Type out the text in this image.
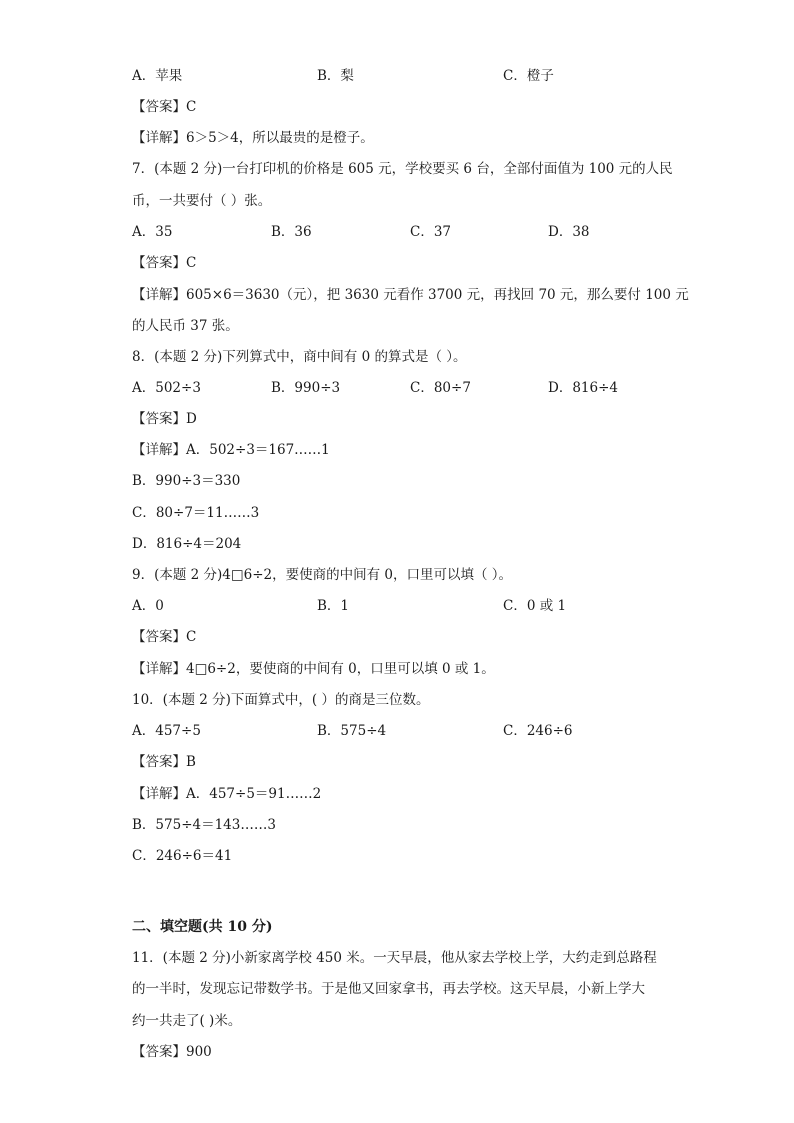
A．苹果	B．梨	C．橙子
【答案】C
【详解】6＞5＞4，所以最贵的是橙子。
7．(本题 2 分)一台打印机的价格是 605 元，学校要买 6 台，全部付面值为 100 元的人民
币，一共要付（ ）张。
A．35	B．36	C．37	D．38
【答案】C
【详解】605×6＝3630（元），把 3630 元看作 3700 元，再找回 70 元，那么要付 100 元
的人民币 37 张。
8．(本题 2 分)下列算式中，商中间有 0 的算式是（ ）。
A．502÷3	B．990÷3	C．80÷7	D．816÷4
【答案】D
【详解】A．502÷3＝167……1
B．990÷3＝330
C．80÷7＝11……3
D．816÷4＝204
9．(本题 2 分)4□6÷2，要使商的中间有 0，口里可以填（ ）。
A．0	B．1	C．0 或 1
【答案】C
【详解】4□6÷2，要使商的中间有 0，口里可以填 0 或 1。
10．(本题 2 分)下面算式中，( ）的商是三位数。
A．457÷5	B．575÷4	C．246÷6
【答案】B
【详解】A．457÷5＝91……2
B．575÷4＝143……3
C．246÷6＝41
二、填空题(共 10 分)
11．(本题 2 分)小新家离学校 450 米。一天早晨，他从家去学校上学，大约走到总路程
的一半时，发现忘记带数学书。于是他又回家拿书，再去学校。这天早晨，小新上学大
约一共走了( )米。
【答案】900
